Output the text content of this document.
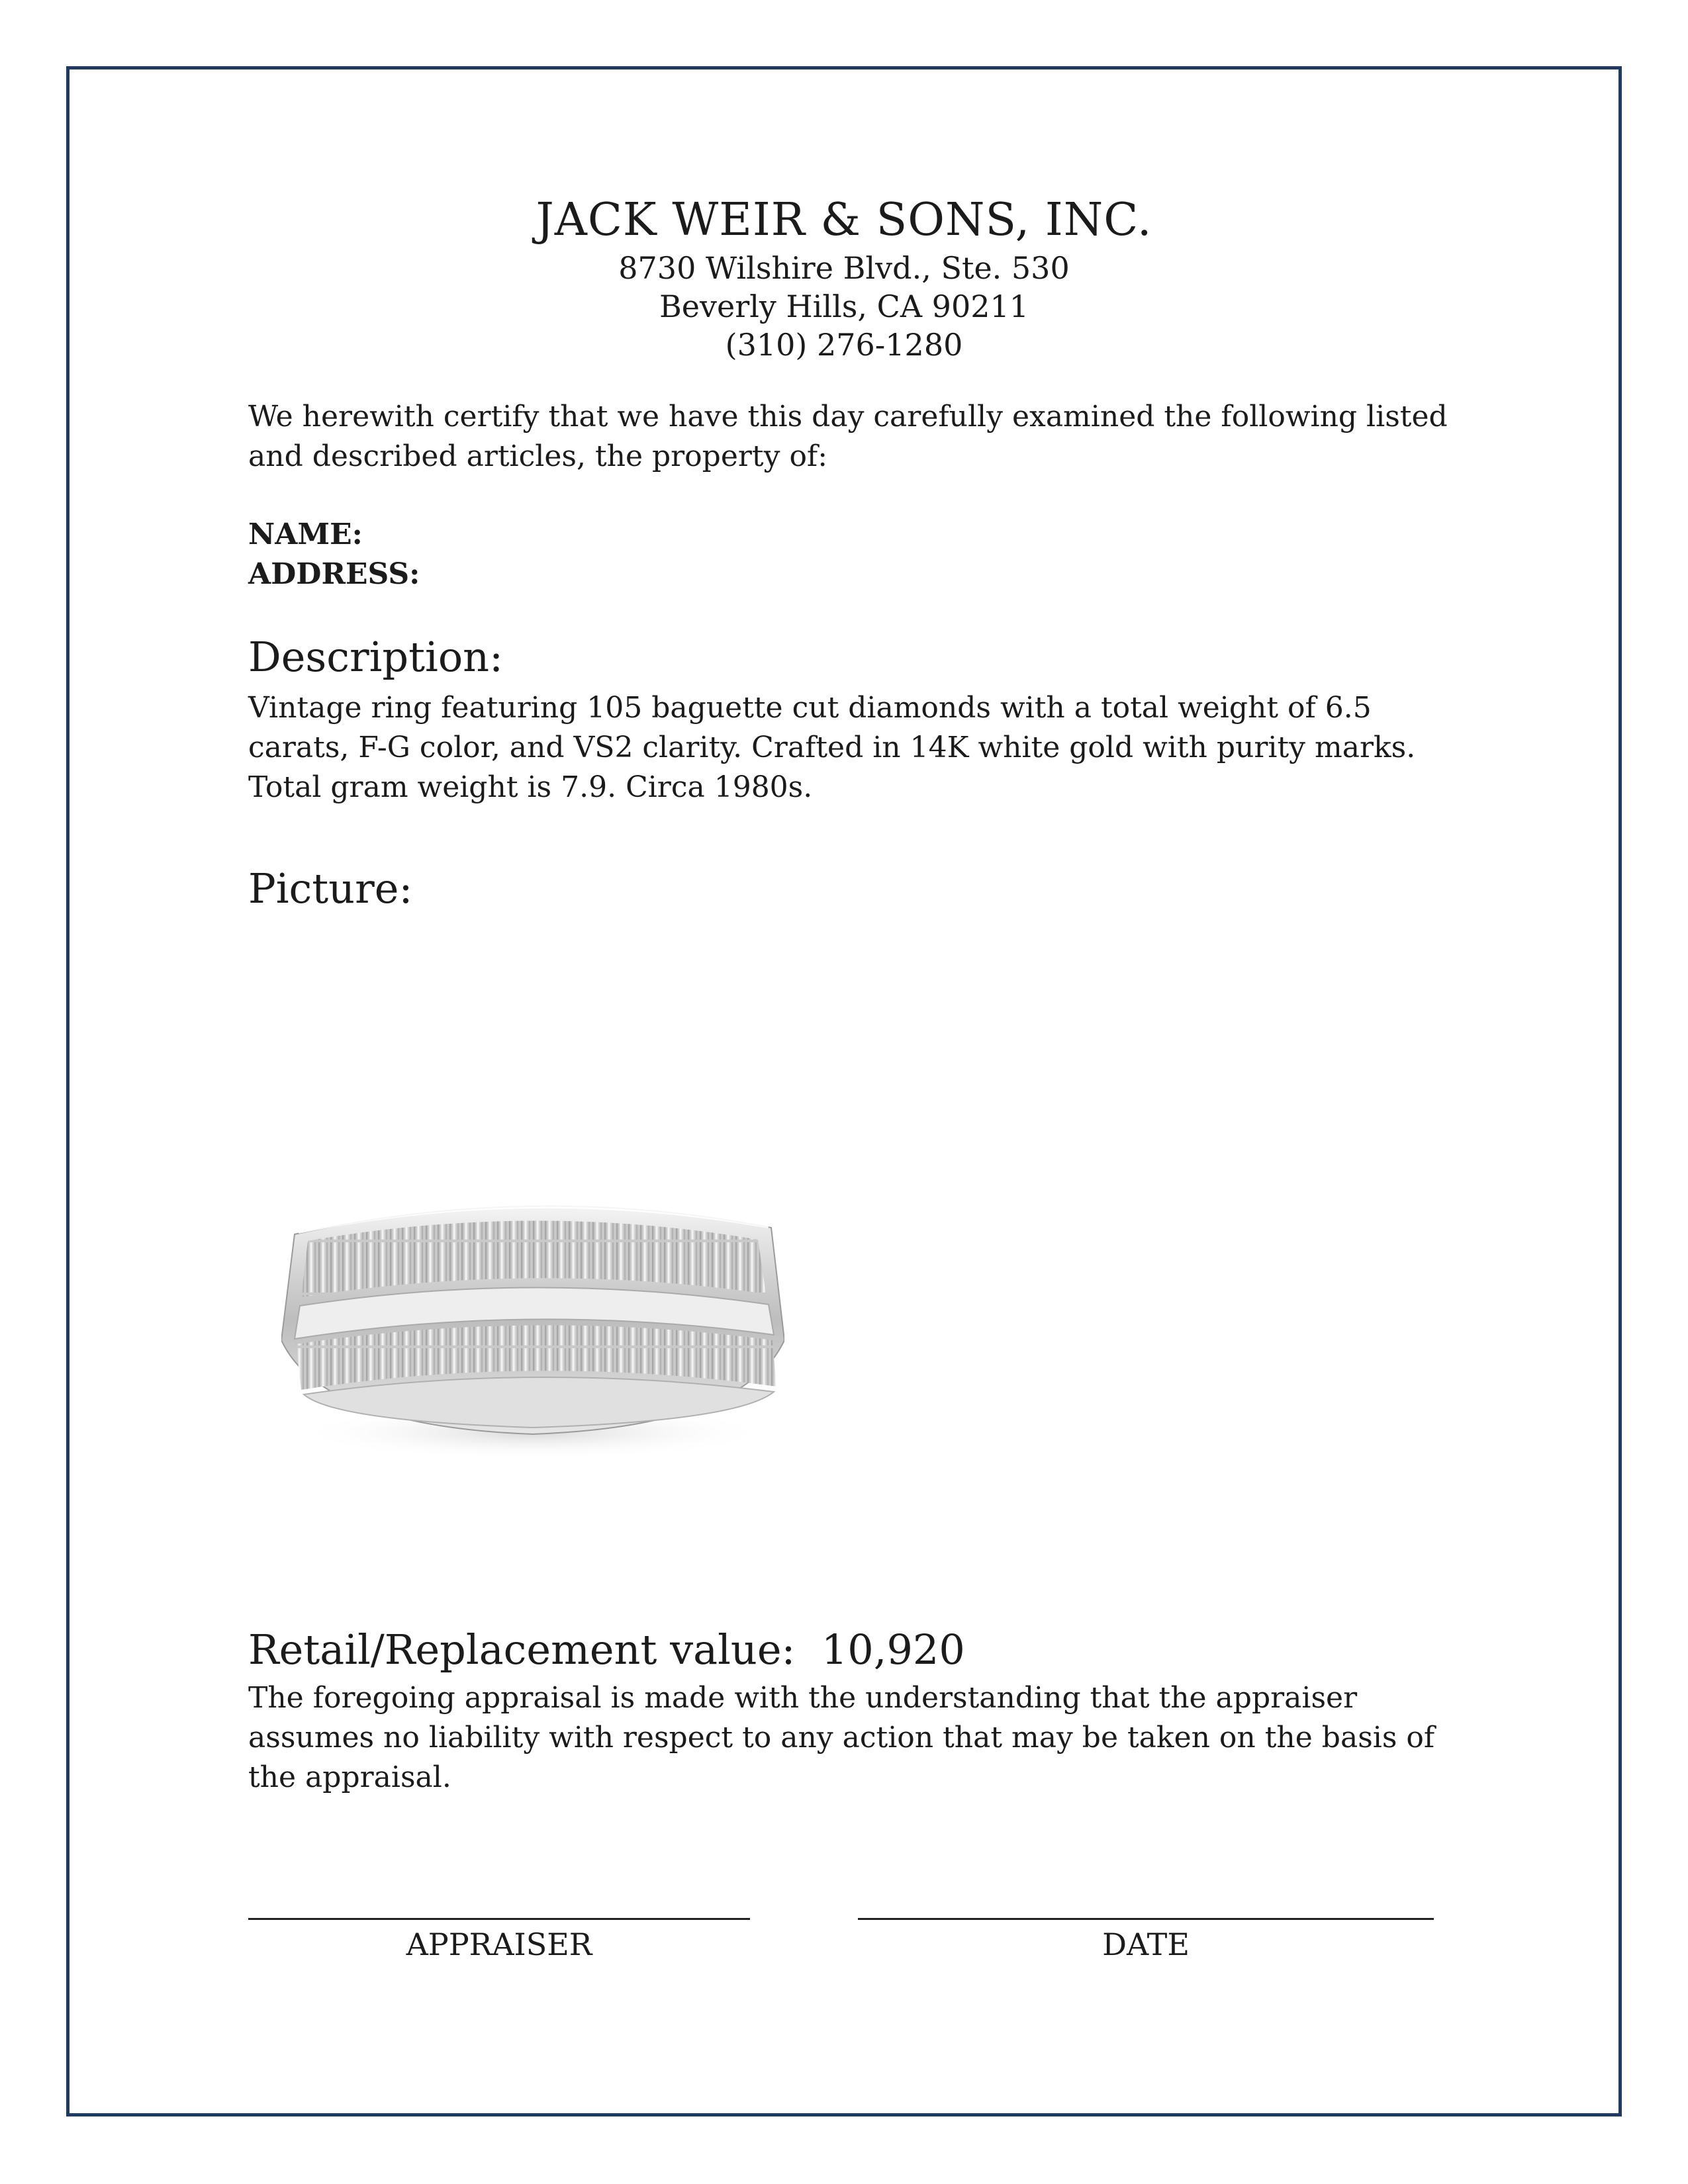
JACK WEIR & SONS, INC.
8730 Wilshire Blvd., Ste. 530
Beverly Hills, CA 90211
(310) 276-1280
We herewith certify that we have this day carefully examined the following listed and described articles, the property of:
NAME:
ADDRESS:
Description:
Vintage ring featuring 105 baguette cut diamonds with a total weight of 6.5 carats, F-G color, and VS2 clarity. Crafted in 14K white gold with purity marks. Total gram weight is 7.9. Circa 1980s.
Picture:
Retail/Replacement value: 10,920
The foregoing appraisal is made with the understanding that the appraiser assumes no liability with respect to any action that may be taken on the basis of the appraisal.
APPRAISER	DATE
